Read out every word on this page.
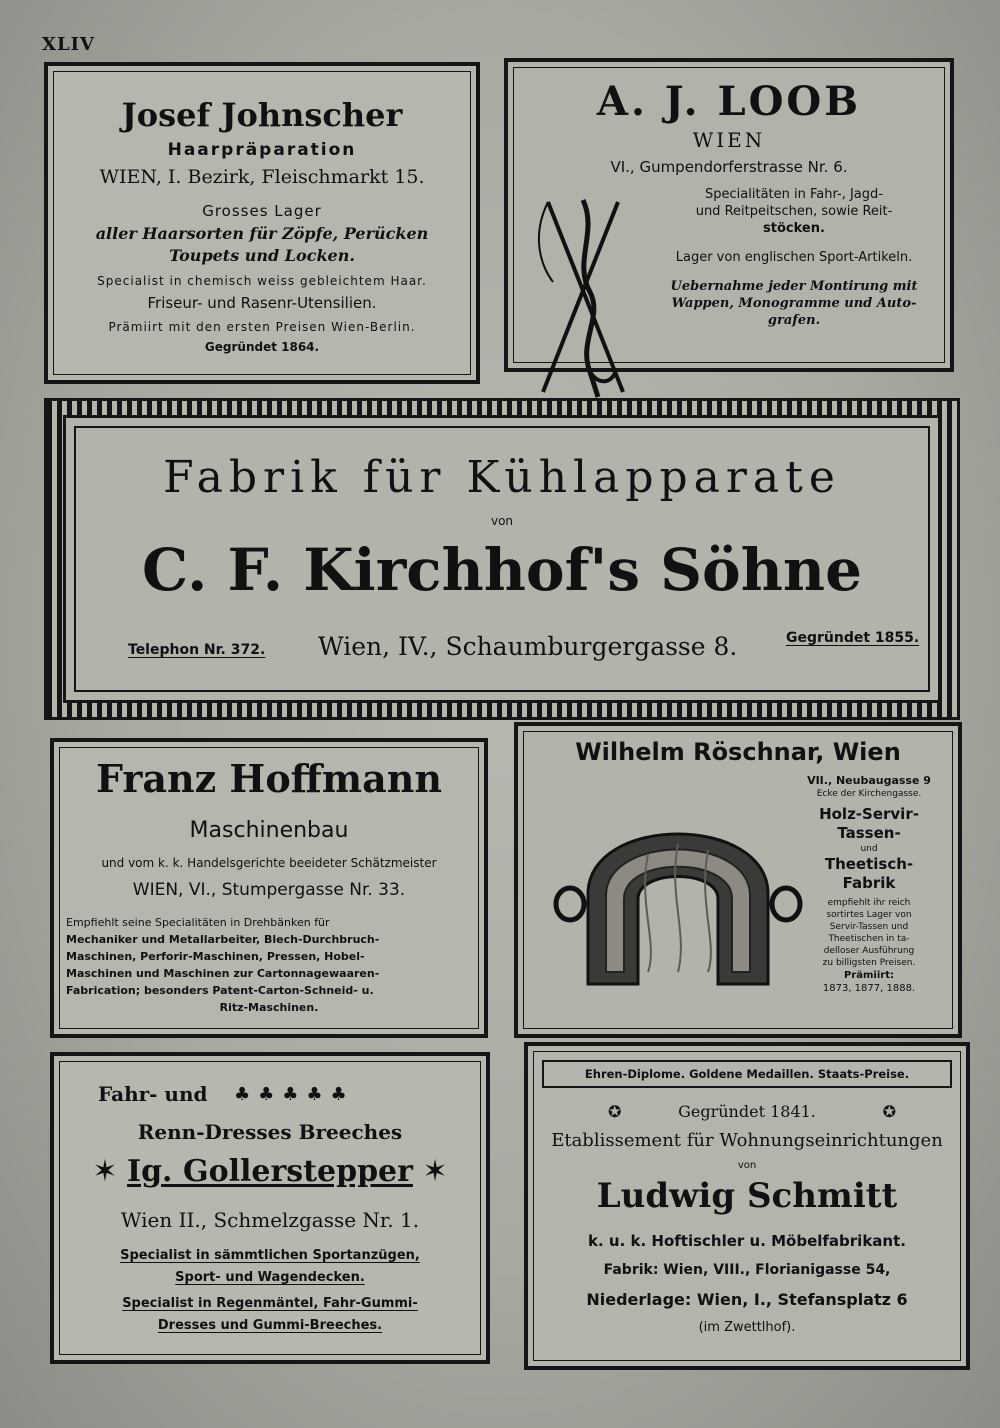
XLIV
Josef Johnscher
Haarpräparation
WIEN, I. Bezirk, Fleischmarkt 15.
Grosses Lager
aller Haarsorten für Zöpfe, Perücken
Toupets und Locken.
Specialist in chemisch weiss gebleichtem Haar.
Friseur- und Rasenr-Utensilien.
Prämiirt mit den ersten Preisen Wien-Berlin.
Gegründet 1864.
A. J. LOOB
WIEN
VI., Gumpendorferstrasse Nr. 6.
Specialitäten in Fahr-, Jagd-
und Reitpeitschen, sowie Reit-
stöcken.
Lager von englischen Sport-Artikeln.
Uebernahme jeder Montirung mit
Wappen, Monogramme und Auto-
grafen.
Fabrik für Kühlapparate
von
C. F. Kirchhof's Söhne
Telephon Nr. 372. Wien, IV., Schaumburgergasse 8.	Gegründet 1855.
Franz Hoffmann
Maschinenbau
und vom k. k. Handelsgerichte beeideter Schätzmeister
WIEN, VI., Stumpergasse Nr. 33.
Empfiehlt seine Specialitäten in Drehbänken für
Mechaniker und Metallarbeiter, Blech-Durchbruch-
Maschinen, Perforir-Maschinen, Pressen, Hobel-
Maschinen und Maschinen zur Cartonnagewaaren-
Fabrication; besonders Patent-Carton-Schneid- u.
Ritz-Maschinen.
Wilhelm Röschnar, Wien
VII., Neubaugasse 9
Ecke der Kirchengasse.
Holz-Servir-
Tassen-
und
Theetisch-
Fabrik
empfiehlt ihr reich
sortirtes Lager von
Servir-Tassen und
Theetischen in ta-
delloser Ausführung
zu billigsten Preisen.
Prämiirt:
1873, 1877, 1888.
Fahr- und ♣♣♣♣♣
Renn-Dresses Breeches
✶ Ig. Gollerstepper ✶
Wien II., Schmelzgasse Nr. 1.
Specialist in sämmtlichen Sportanzügen,
Sport- und Wagendecken.
Specialist in Regenmäntel, Fahr-Gummi-
Dresses und Gummi-Breeches.
Ehren-Diplome. Goldene Medaillen. Staats-Preise.
✪	✪
Gegründet 1841.
Etablissement für Wohnungseinrichtungen
von
Ludwig Schmitt
k. u. k. Hoftischler u. Möbelfabrikant.
Fabrik: Wien, VIII., Florianigasse 54,
Niederlage: Wien, I., Stefansplatz 6
(im Zwettlhof).
